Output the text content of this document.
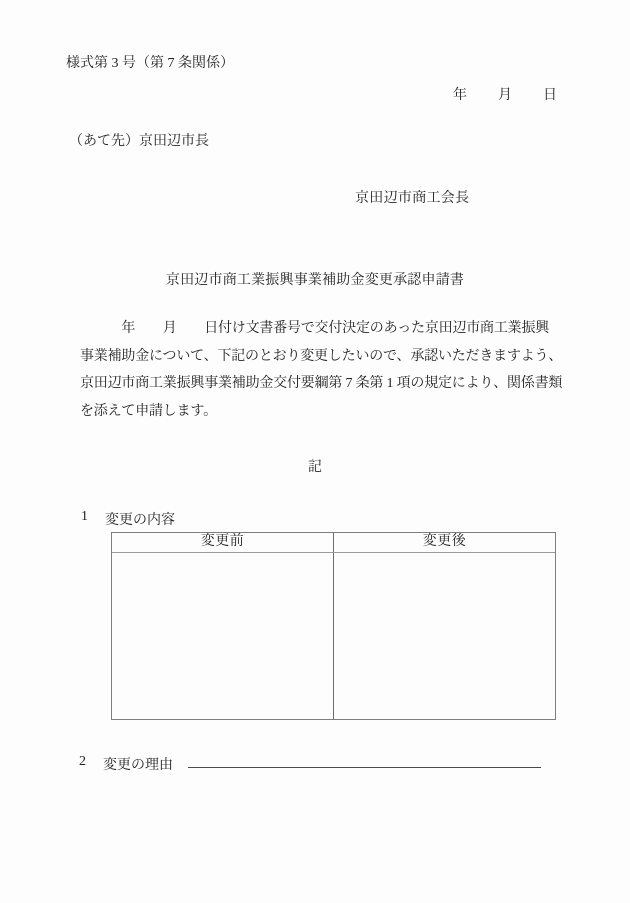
様式第 3 号（第 7 条関係）
年　　月　　日
（あて先）京田辺市長
京田辺市商工会長
京田辺市商工業振興事業補助金変更承認申請書
　　　年　　月　　日付け文書番号で交付決定のあった京田辺市商工業振興
事業補助金について、下記のとおり変更したいので、承認いただきますよう、
京田辺市商工業振興事業補助金交付要綱第 7 条第 1 項の規定により、関係書類
を添えて申請します。
記
1	変更の内容
変更前	変更後
2	変更の理由
